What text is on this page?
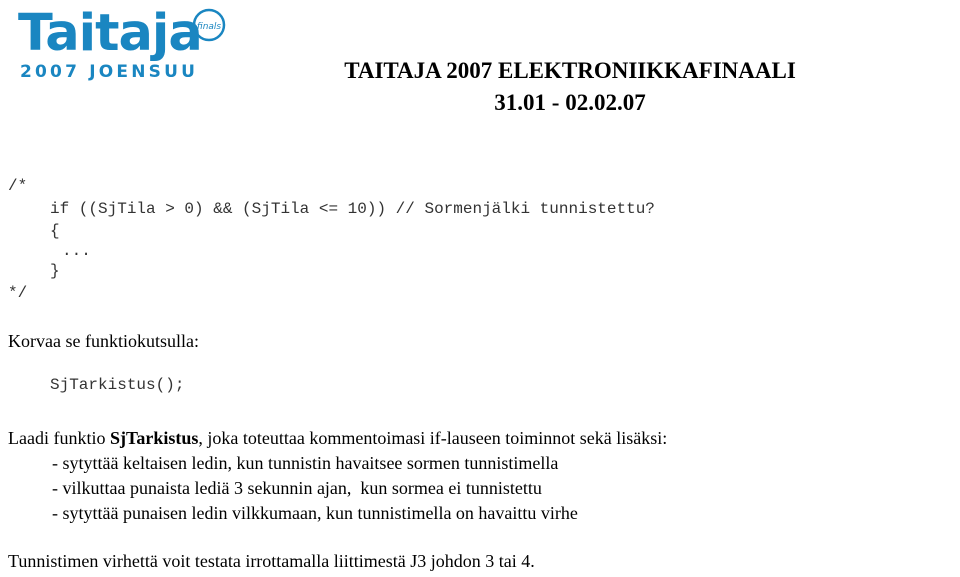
Taitaja
finals
2007 JOENSUU	TAITAJA 2007 ELEKTRONIIKKAFINAALI
31.01 - 02.02.07
/*
if ((SjTila > 0) && (SjTila <= 10)) // Sormenjälki tunnistettu?
{
...
}
*/
Korvaa se funktiokutsulla:
SjTarkistus();
Laadi funktio SjTarkistus, joka toteuttaa kommentoimasi if-lauseen toiminnot sekä lisäksi:
- sytyttää keltaisen ledin, kun tunnistin havaitsee sormen tunnistimella
- vilkuttaa punaista lediä 3 sekunnin ajan,  kun sormea ei tunnistettu
- sytyttää punaisen ledin vilkkumaan, kun tunnistimella on havaittu virhe
Tunnistimen virhettä voit testata irrottamalla liittimestä J3 johdon 3 tai 4.
